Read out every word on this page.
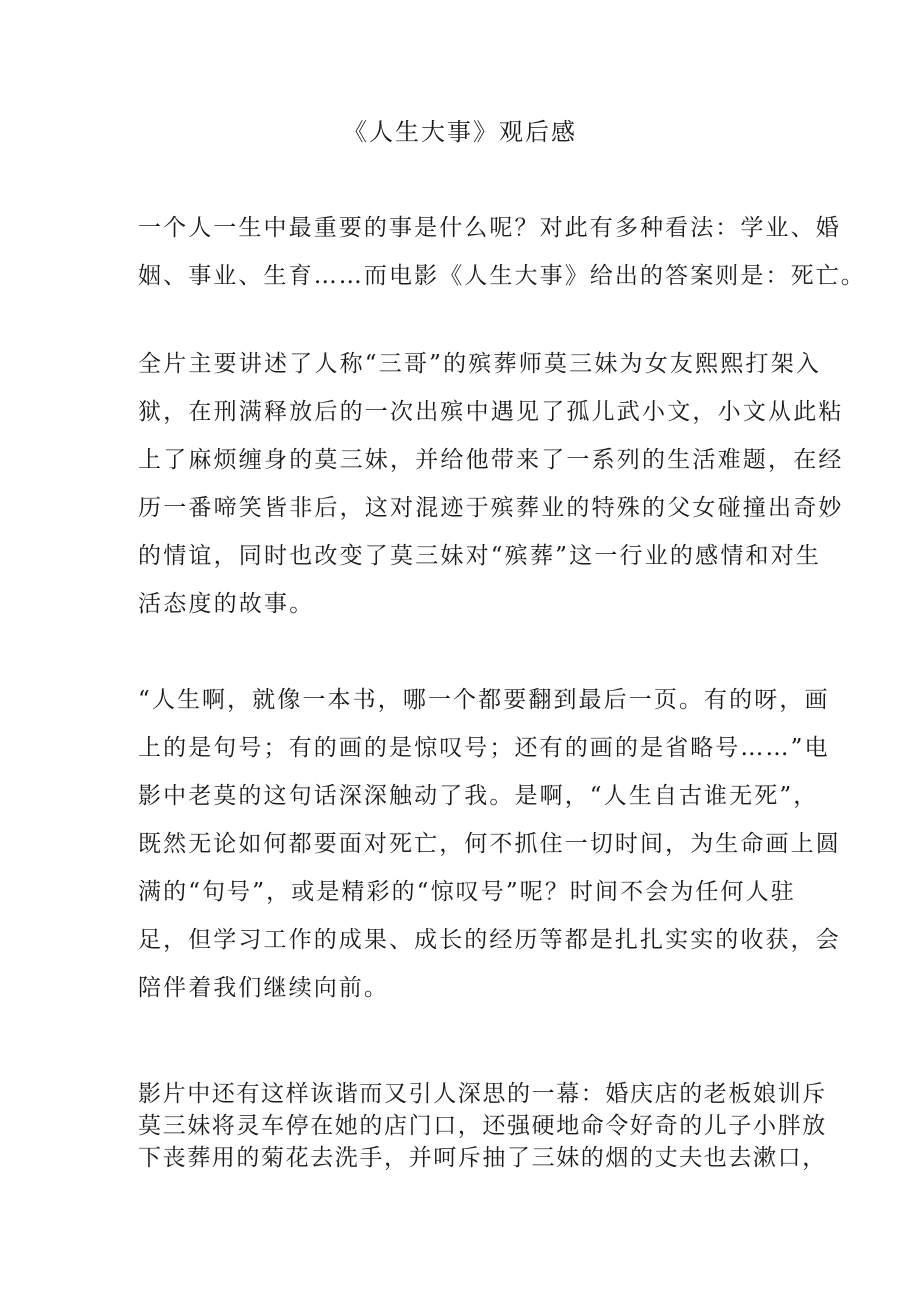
《人生大事》观后感
一个人一生中最重要的事是什么呢？对此有多种看法：学业、婚
姻、事业、生育……而电影《人生大事》给出的答案则是：死亡。
全片主要讲述了人称“三哥”的殡葬师莫三妹为女友熙熙打架入
狱，在刑满释放后的一次出殡中遇见了孤儿武小文，小文从此粘
上了麻烦缠身的莫三妹，并给他带来了一系列的生活难题，在经
历一番啼笑皆非后，这对混迹于殡葬业的特殊的父女碰撞出奇妙
的情谊，同时也改变了莫三妹对“殡葬”这一行业的感情和对生
活态度的故事。
“人生啊，就像一本书，哪一个都要翻到最后一页。有的呀，画
上的是句号；有的画的是惊叹号；还有的画的是省略号……”电
影中老莫的这句话深深触动了我。是啊，“人生自古谁无死”，
既然无论如何都要面对死亡，何不抓住一切时间，为生命画上圆
满的“句号”，或是精彩的“惊叹号”呢？时间不会为任何人驻
足，但学习工作的成果、成长的经历等都是扎扎实实的收获，会
陪伴着我们继续向前。
影片中还有这样诙谐而又引人深思的一幕：婚庆店的老板娘训斥
莫三妹将灵车停在她的店门口，还强硬地命令好奇的儿子小胖放
下丧葬用的菊花去洗手，并呵斥抽了三妹的烟的丈夫也去漱口，
